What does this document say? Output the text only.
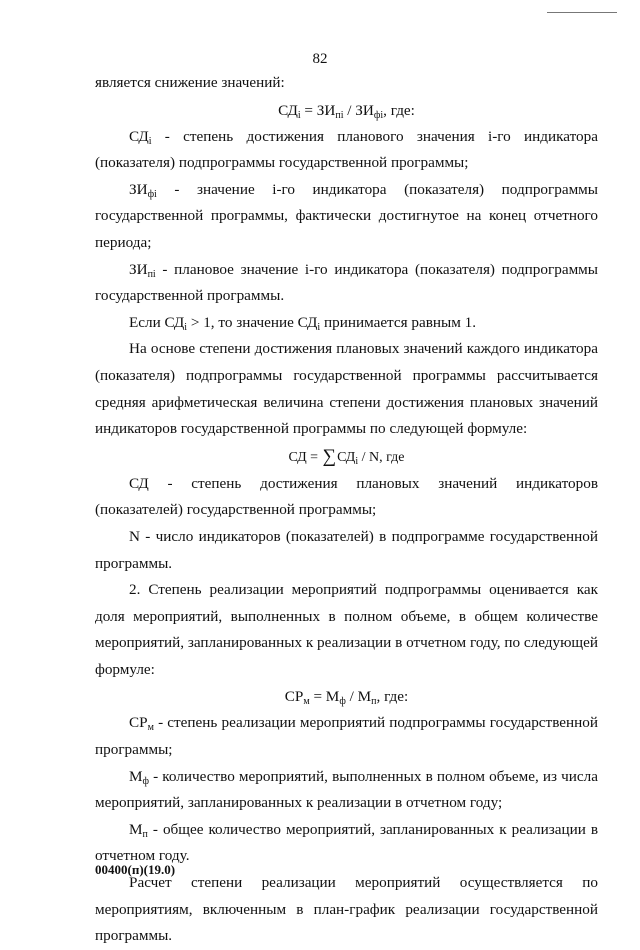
82

является снижение значений:

$СД_i = ЗИ_{пi} / ЗИ_{фi}$, где:

$СД_i$ - степень достижения планового значения i-го индикатора (показателя) подпрограммы государственной программы;

$ЗИ_{фi}$ - значение i-го индикатора (показателя) подпрограммы государственной программы, фактически достигнутое на конец отчетного периода;

$ЗИ_{пi}$ - плановое значение i-го индикатора (показателя) подпрограммы государственной программы.

Если $СД_i > 1$, то значение $СД_i$ принимается равным 1.

На основе степени достижения плановых значений каждого индикатора (показателя) подпрограммы государственной программы рассчитывается средняя арифметическая величина степени достижения плановых значений индикаторов государственной программы по следующей формуле:

СД = $\sum СД_i$ / N, где

СД - степень достижения плановых значений индикаторов (показателей) государственной программы;

N - число индикаторов (показателей) в подпрограмме государственной программы.

2. Степень реализации мероприятий подпрограммы оценивается как доля мероприятий, выполненных в полном объеме, в общем количестве мероприятий, запланированных к реализации в отчетном году, по следующей формуле:

$СР_м = М_ф / М_п$, где:

$СР_м$ - степень реализации мероприятий подпрограммы государственной программы;

$М_ф$ - количество мероприятий, выполненных в полном объеме, из числа мероприятий, запланированных к реализации в отчетном году;

$М_п$ - общее количество мероприятий, запланированных к реализации в отчетном году.

Расчет степени реализации мероприятий осуществляется по мероприятиям, включенным в план-график реализации государственной программы.

00400(п)(19.0)
